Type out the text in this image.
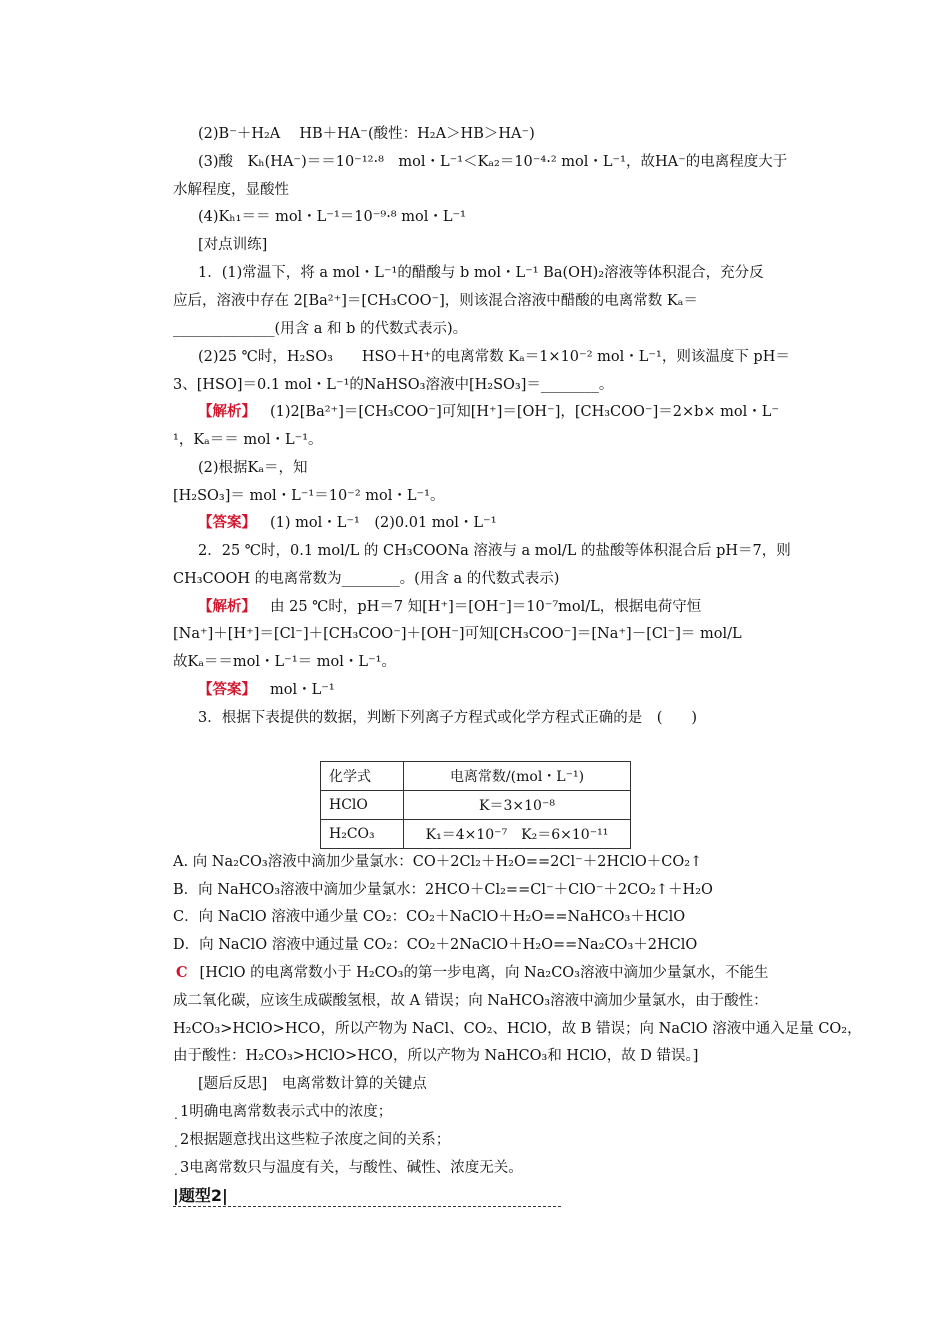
(2)B⁻＋H₂A　 HB＋HA⁻(酸性：H₂A＞HB＞HA⁻)
(3)酸　Kₕ(HA⁻)＝＝10⁻¹²·⁸　mol・L⁻¹＜Kₐ₂＝10⁻⁴·² mol・L⁻¹，故HA⁻的电离程度大于
水解程度，显酸性
(4)Kₕ₁＝＝ mol・L⁻¹＝10⁻⁹·⁸ mol・L⁻¹
[对点训练]
1．(1)常温下，将 a mol・L⁻¹的醋酸与 b mol・L⁻¹ Ba(OH)₂溶液等体积混合，充分反
应后，溶液中存在 2[Ba²⁺]＝[CH₃COO⁻]，则该混合溶液中醋酸的电离常数 Kₐ＝
______________(用含 a 和 b 的代数式表示)。
(2)25 ℃时，H₂SO₃　　HSO＋H⁺的电离常数 Kₐ＝1×10⁻² mol・L⁻¹，则该温度下 pH＝
3、[HSO]＝0.1 mol・L⁻¹的NaHSO₃溶液中[H₂SO₃]＝________。
【解析】 (1)2[Ba²⁺]＝[CH₃COO⁻]可知[H⁺]＝[OH⁻]，[CH₃COO⁻]＝2×b× mol・L⁻
¹，Kₐ＝＝ mol・L⁻¹。
(2)根据Kₐ＝，知
[H₂SO₃]＝ mol・L⁻¹＝10⁻² mol・L⁻¹。
【答案】 (1) mol・L⁻¹　(2)0.01 mol・L⁻¹
2．25 ℃时，0.1 mol/L 的 CH₃COONa 溶液与 a mol/L 的盐酸等体积混合后 pH＝7，则
CH₃COOH 的电离常数为________。(用含 a 的代数式表示)
【解析】 由 25 ℃时，pH＝7 知[H⁺]＝[OH⁻]＝10⁻⁷mol/L，根据电荷守恒
[Na⁺]＋[H⁺]＝[Cl⁻]＋[CH₃COO⁻]＋[OH⁻]可知[CH₃COO⁻]＝[Na⁺]－[Cl⁻]＝ mol/L
故Kₐ＝＝mol・L⁻¹＝ mol・L⁻¹。
【答案】 mol・L⁻¹
3．根据下表提供的数据，判断下列离子方程式或化学方程式正确的是　(　　)
化学式	电离常数/(mol・L⁻¹)
HClO	K＝3×10⁻⁸
H₂CO₃	K₁＝4×10⁻⁷　K₂＝6×10⁻¹¹
A. 向 Na₂CO₃溶液中滴加少量氯水：CO＋2Cl₂＋H₂O==2Cl⁻＋2HClO＋CO₂↑
B．向 NaHCO₃溶液中滴加少量氯水：2HCO＋Cl₂==Cl⁻＋ClO⁻＋2CO₂↑＋H₂O
C．向 NaClO 溶液中通少量 CO₂：CO₂＋NaClO＋H₂O==NaHCO₃＋HClO
D．向 NaClO 溶液中通过量 CO₂：CO₂＋2NaClO＋H₂O==Na₂CO₃＋2HClO
C [HClO 的电离常数小于 H₂CO₃的第一步电离，向 Na₂CO₃溶液中滴加少量氯水，不能生
成二氧化碳，应该生成碳酸氢根，故 A 错误；向 NaHCO₃溶液中滴加少量氯水，由于酸性：
H₂CO₃>HClO>HCO，所以产物为 NaCl、CO₂、HClO，故 B 错误；向 NaClO 溶液中通入足量 CO₂，
由于酸性：H₂CO₃>HClO>HCO，所以产物为 NaHCO₃和 HClO，故 D 错误。]
[题后反思]　电离常数计算的关键点
1明确电离常数表示式中的浓度；
2根据题意找出这些粒子浓度之间的关系；
3电离常数只与温度有关，与酸性、碱性、浓度无关。
.
.
.
|题型2|
